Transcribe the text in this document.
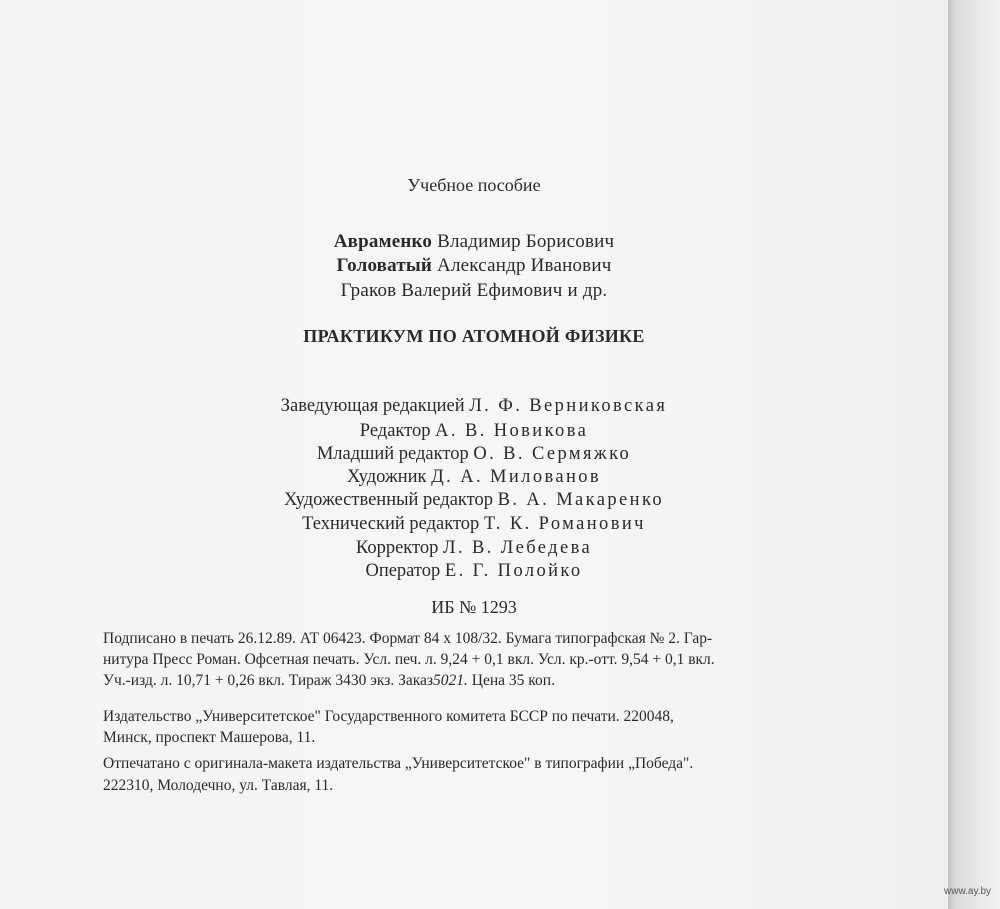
Учебное пособие
Авраменко Владимир Борисович
Головатый Александр Иванович
Граков Валерий Ефимович и др.
ПРАКТИКУМ ПО АТОМНОЙ ФИЗИКЕ
Заведующая редакцией Л. Ф. Верниковская
Редактор А. В. Новикова
Младший редактор О. В. Сермяжко
Художник Д. А. Милованов
Художественный редактор В. А. Макаренко
Технический редактор Т. К. Романович
Корректор Л. В. Лебедева
Оператор Е. Г. Полойко
ИБ № 1293
Подписано в печать 26.12.89. АТ 06423. Формат 84 x 108/32. Бумага типографская № 2. Гар-
нитура Пресс Роман. Офсетная печать. Усл. печ. л. 9,24 + 0,1 вкл. Усл. кр.-отт. 9,54 + 0,1 вкл.
Уч.-изд. л. 10,71 + 0,26 вкл. Тираж 3430 экз. Заказ5021. Цена 35 коп.
Издательство „Университетское" Государственного комитета БССР по печати. 220048,
Минск, проспект Машерова, 11.
Отпечатано с оригинала-макета издательства „Университетское" в типографии „Победа".
222310, Молодечно, ул. Тавлая, 11.
www.ay.by
